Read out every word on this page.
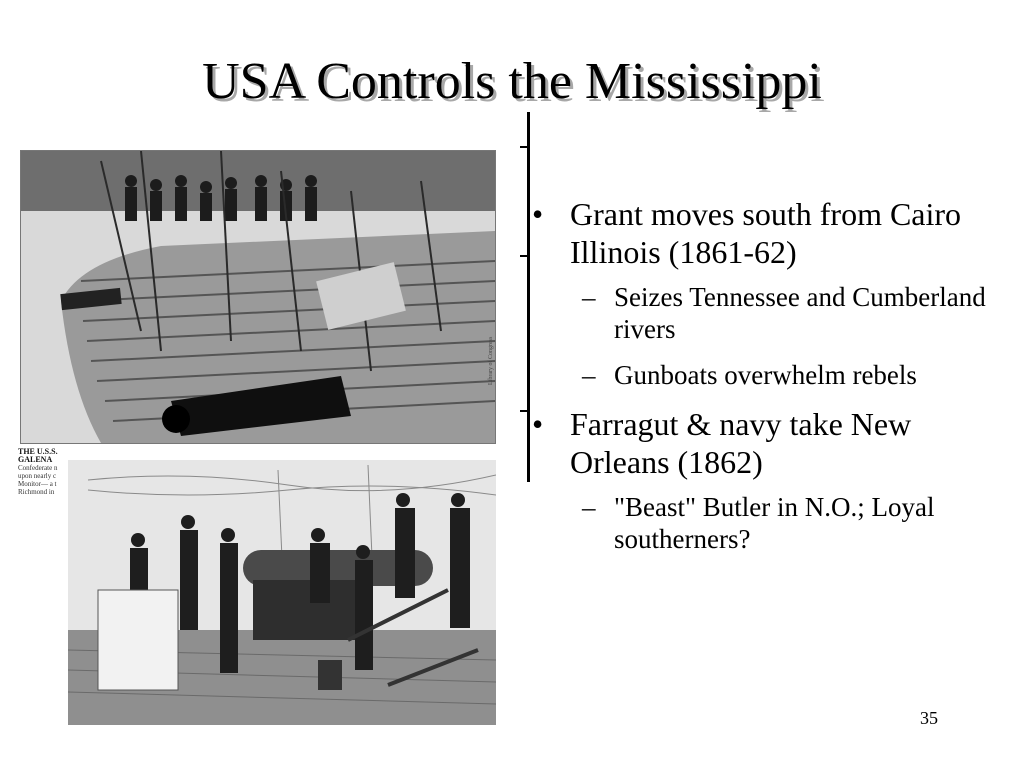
USA Controls the Mississippi
THE U.S.S. GALENA
Confederate n
upon nearly c
Monitor— a t
Richmond in
Library of Congress
• Grant moves south from Cairo Illinois (1861-62)
– Seizes Tennessee and Cumberland rivers
– Gunboats overwhelm rebels
• Farragut & navy take New Orleans (1862)
– "Beast" Butler in N.O.; Loyal southerners?
35
